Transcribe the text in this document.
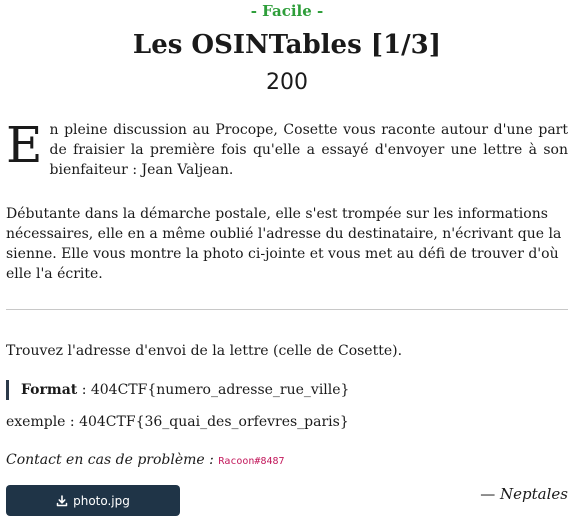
- Facile -
Les OSINTables [1/3]
200
En pleine discussion au Procope, Cosette vous raconte autour d'une part de fraisier la première fois qu'elle a essayé d'envoyer une lettre à son bienfaiteur : Jean Valjean.
Débutante dans la démarche postale, elle s'est trompée sur les informations nécessaires, elle en a même oublié l'adresse du destinataire, n'écrivant que la sienne. Elle vous montre la photo ci-jointe et vous met au défi de trouver d'où elle l'a écrite.
Trouvez l'adresse d'envoi de la lettre (celle de Cosette).
Format : 404CTF{numero_adresse_rue_ville}
exemple : 404CTF{36_quai_des_orfevres_paris}
Contact en cas de problème : Racoon#8487
— Neptales
photo.jpg
